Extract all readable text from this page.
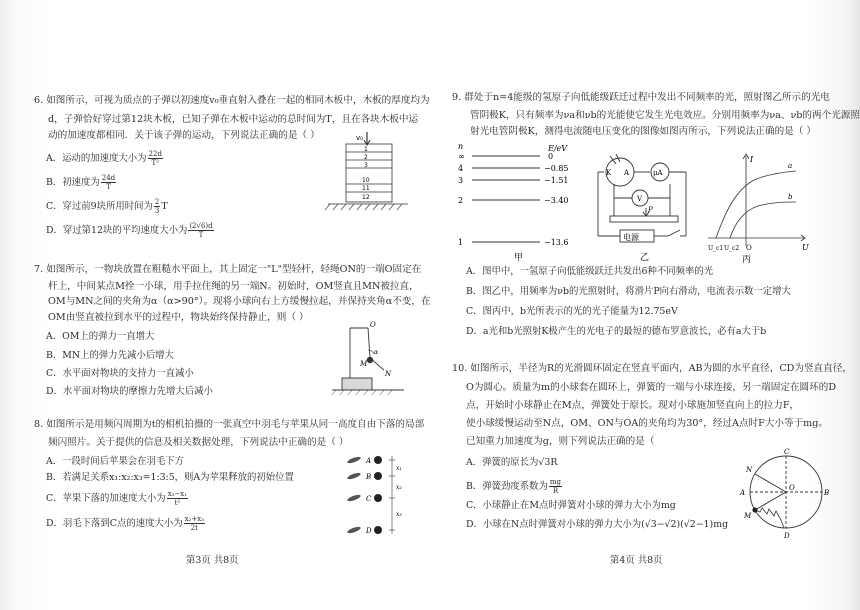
6. 如图所示，可视为质点的子弹以初速度v₀垂直射入叠在一起的相同木板中，木板的厚度均为
d，子弹恰好穿过第12块木板，已知子弹在木板中运动的总时间为T，且在各块木板中运
动的加速度都相同．关于该子弹的运动，下列说法正确的是（ ）
A．运动的加速度大小为 $\frac{22d}{\text{T²}}$
B．初速度为 $\frac{24d}{T}$
C．穿过前9块所用时间为 $\frac{2}{3}$ T
D．穿过第12块的平均速度大小为 $\frac{(2√6)d}{T}$
v₀
1
2
3
10
11
12
7. 如图所示，一物块放置在粗糙水平面上，其上固定一"L"型轻杆，轻绳ON的一端O固定在
杆上，中间某点M拴一小球，用手拉住绳的另一端N。初始时，OM竖直且MN被拉直，
OM与MN之间的夹角为α（α>90°）。现将小球向右上方缓慢拉起，并保持夹角α不变，在
OM由竖直被拉到水平的过程中，物块始终保持静止，则（ ）
A．OM上的弹力一直增大
B．MN上的弹力先减小后增大
C．水平面对物块的支持力一直减小
D．水平面对物块的摩擦力先增大后减小
O
M
N
α
8. 如图所示是用频闪周期为t的相机拍摄的一张真空中羽毛与苹果从同一高度自由下落的局部
频闪照片。关于提供的信息及相关数据处理，下列说法中正确的是（ ）
A．一段时间后苹果会在羽毛下方
B．若满足关系x₁:x₂:x₃=1:3:5，则A为苹果释放的初始位置
C．苹果下落的加速度大小为 $\frac{\text{x₃−x₁}}{\text{t²}}$
D．羽毛下落到C点的速度大小为 $\frac{\text{x₂+x₃}}{2t}$
A
B
C
D
x₁
x₂
x₃
第3页 共8页
9. 群处于n=4能级的氢原子向低能级跃迁过程中发出不同频率的光，照射图乙所示的光电
管阴极K，只有频率为νa和νb的光能使它发生光电效应。分别用频率为νa、νb的两个光源照
射光电管阴极K，测得电流随电压变化的图像如图丙所示，下列说法正确的是（ ）
n	E/eV
∞
4
3
2
1
0
−0.85
−1.51
−3.40
−13.6
甲
K A	μA
V
P
电源
乙
I
U
O
a
b
U_c1 U_c2
丙
A．图甲中，一氢原子向低能级跃迁共发出6种不同频率的光
B．图乙中，用频率为νb的光照射时，将滑片P向右滑动，电流表示数一定增大
C．图丙中，b光所表示的光的光子能量为12.75eV
D．a光和b光照射K极产生的光电子的最短的德布罗意波长，必有a大于b
10. 如图所示，半径为R的光滑圆环固定在竖直平面内，AB为圆的水平直径，CD为竖直直径，
O为圆心。质量为m的小球套在圆环上，弹簧的一端与小球连接，另一端固定在圆环的D
点，开始时小球静止在M点，弹簧处于原长。现对小球施加竖直向上的拉力F，
使小球缓慢运动至N点，OM、ON与OA的夹角均为30°，经过A点时F大小等于mg。
已知重力加速度为g，则下列说法正确的是（
A．弹簧的原长为√3R
B．弹簧劲度系数为 $\frac{mg}{R}$
C．小球静止在M点时弹簧对小球的弹力大小为mg
D．小球在N点时弹簧对小球的弹力大小为(√3−√2)(√2−1)mg
A	B
C
D
N
M
O
第4页 共8页
